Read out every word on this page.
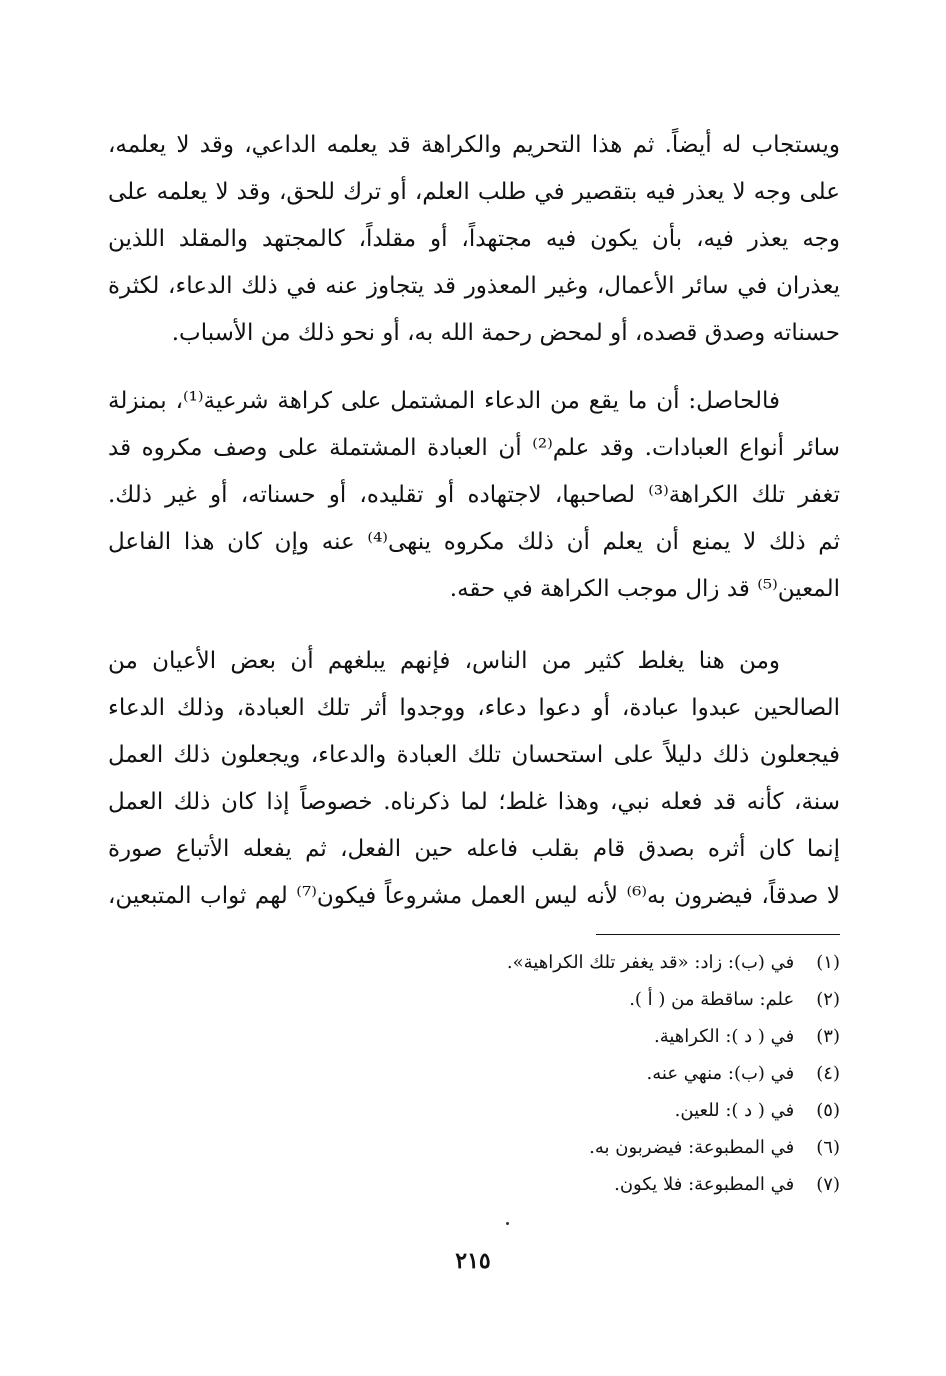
ويستجاب له أيضاً. ثم هذا التحريم والكراهة قد يعلمه الداعي، وقد لا يعلمه،
على وجه لا يعذر فيه بتقصير في طلب العلم، أو ترك للحق، وقد لا يعلمه على
وجه يعذر فيه، بأن يكون فيه مجتهداً، أو مقلداً، كالمجتهد والمقلد اللذين
يعذران في سائر الأعمال، وغير المعذور قد يتجاوز عنه في ذلك الدعاء، لكثرة
حسناته وصدق قصده، أو لمحض رحمة الله به، أو نحو ذلك من الأسباب.
فالحاصل: أن ما يقع من الدعاء المشتمل على كراهة شرعية⁽¹⁾، بمنزلة
سائر أنواع العبادات. وقد علم⁽²⁾ أن العبادة المشتملة على وصف مكروه قد
تغفر تلك الكراهة⁽³⁾ لصاحبها، لاجتهاده أو تقليده، أو حسناته، أو غير ذلك.
ثم ذلك لا يمنع أن يعلم أن ذلك مكروه ينهى⁽⁴⁾ عنه وإن كان هذا الفاعل
المعين⁽⁵⁾ قد زال موجب الكراهة في حقه.
ومن هنا يغلط كثير من الناس، فإنهم يبلغهم أن بعض الأعيان من
الصالحين عبدوا عبادة، أو دعوا دعاء، ووجدوا أثر تلك العبادة، وذلك الدعاء
فيجعلون ذلك دليلاً على استحسان تلك العبادة والدعاء، ويجعلون ذلك العمل
سنة، كأنه قد فعله نبي، وهذا غلط؛ لما ذكرناه. خصوصاً إذا كان ذلك العمل
إنما كان أثره بصدق قام بقلب فاعله حين الفعل، ثم يفعله الأتباع صورة
لا صدقاً، فيضرون به⁽⁶⁾ لأنه ليس العمل مشروعاً فيكون⁽⁷⁾ لهم ثواب المتبعين،
(١) في (ب): زاد: «قد يغفر تلك الكراهية».
(٢) علم: ساقطة من ( أ ).
(٣) في ( د ): الكراهية.
(٤) في (ب): منهي عنه.
(٥) في ( د ): للعين.
(٦) في المطبوعة: فيضربون به.
(٧) في المطبوعة: فلا يكون.
٢١٥
